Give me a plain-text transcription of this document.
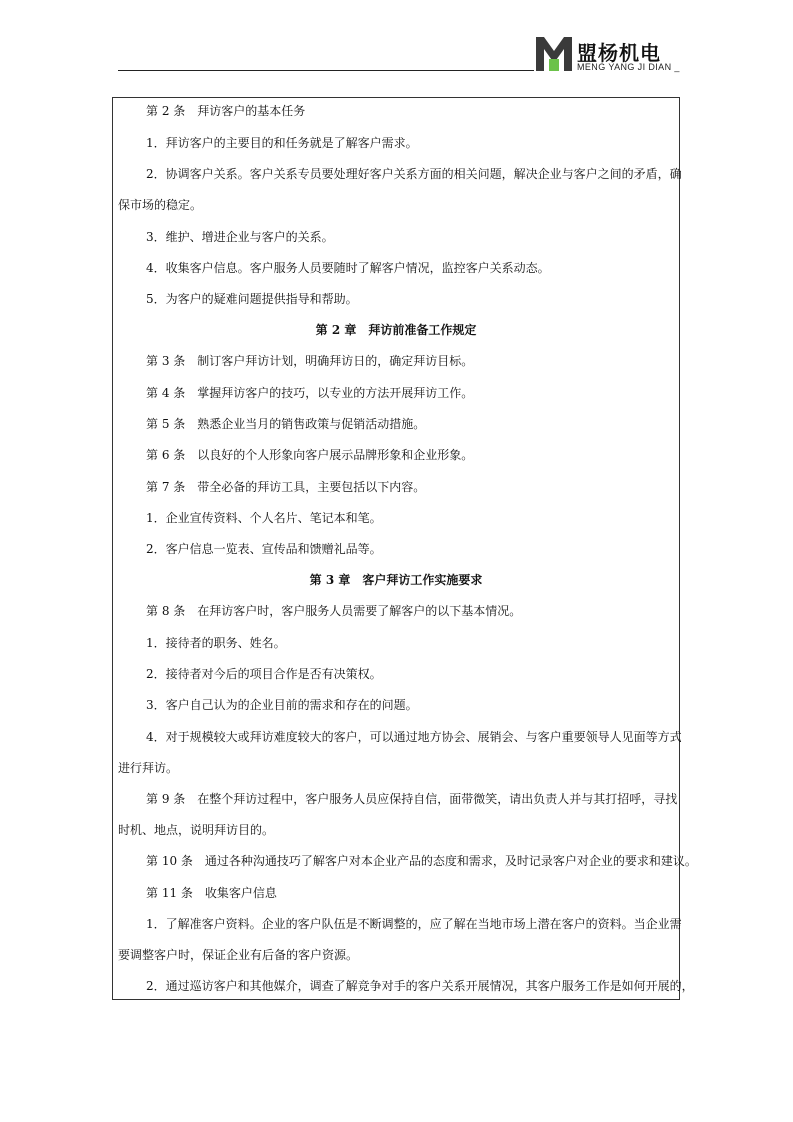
盟杨机电
MENG YANG JI DIAN _
第 2 条　拜访客户的基本任务
1．拜访客户的主要目的和任务就是了解客户需求。
2．协调客户关系。客户关系专员要处理好客户关系方面的相关问题，解决企业与客户之间的矛盾，确
保市场的稳定。
3．维护、增进企业与客户的关系。
4．收集客户信息。客户服务人员要随时了解客户情况，监控客户关系动态。
5．为客户的疑难问题提供指导和帮助。
第 2 章　拜访前准备工作规定
第 3 条　制订客户拜访计划，明确拜访日的，确定拜访目标。
第 4 条　掌握拜访客户的技巧，以专业的方法开展拜访工作。
第 5 条　熟悉企业当月的销售政策与促销活动措施。
第 6 条　以良好的个人形象向客户展示品牌形象和企业形象。
第 7 条　带全必备的拜访工具，主要包括以下内容。
1．企业宣传资料、个人名片、笔记本和笔。
2．客户信息一览表、宣传品和馈赠礼品等。
第 3 章　客户拜访工作实施要求
第 8 条　在拜访客户时，客户服务人员需要了解客户的以下基本情况。
1．接待者的职务、姓名。
2．接待者对今后的项目合作是否有决策权。
3．客户自己认为的企业目前的需求和存在的问题。
4．对于规模较大或拜访难度较大的客户，可以通过地方协会、展销会、与客户重要领导人见面等方式
进行拜访。
第 9 条　在整个拜访过程中，客户服务人员应保持自信，面带微笑，请出负责人并与其打招呼，寻找
时机、地点，说明拜访目的。
第 10 条　通过各种沟通技巧了解客户对本企业产品的态度和需求，及时记录客户对企业的要求和建议。
第 11 条　收集客户信息
1．了解准客户资料。企业的客户队伍是不断调整的，应了解在当地市场上潜在客户的资料。当企业需
要调整客户时，保证企业有后备的客户资源。
2．通过巡访客户和其他媒介，调查了解竞争对手的客户关系开展情况，其客户服务工作是如何开展的，
